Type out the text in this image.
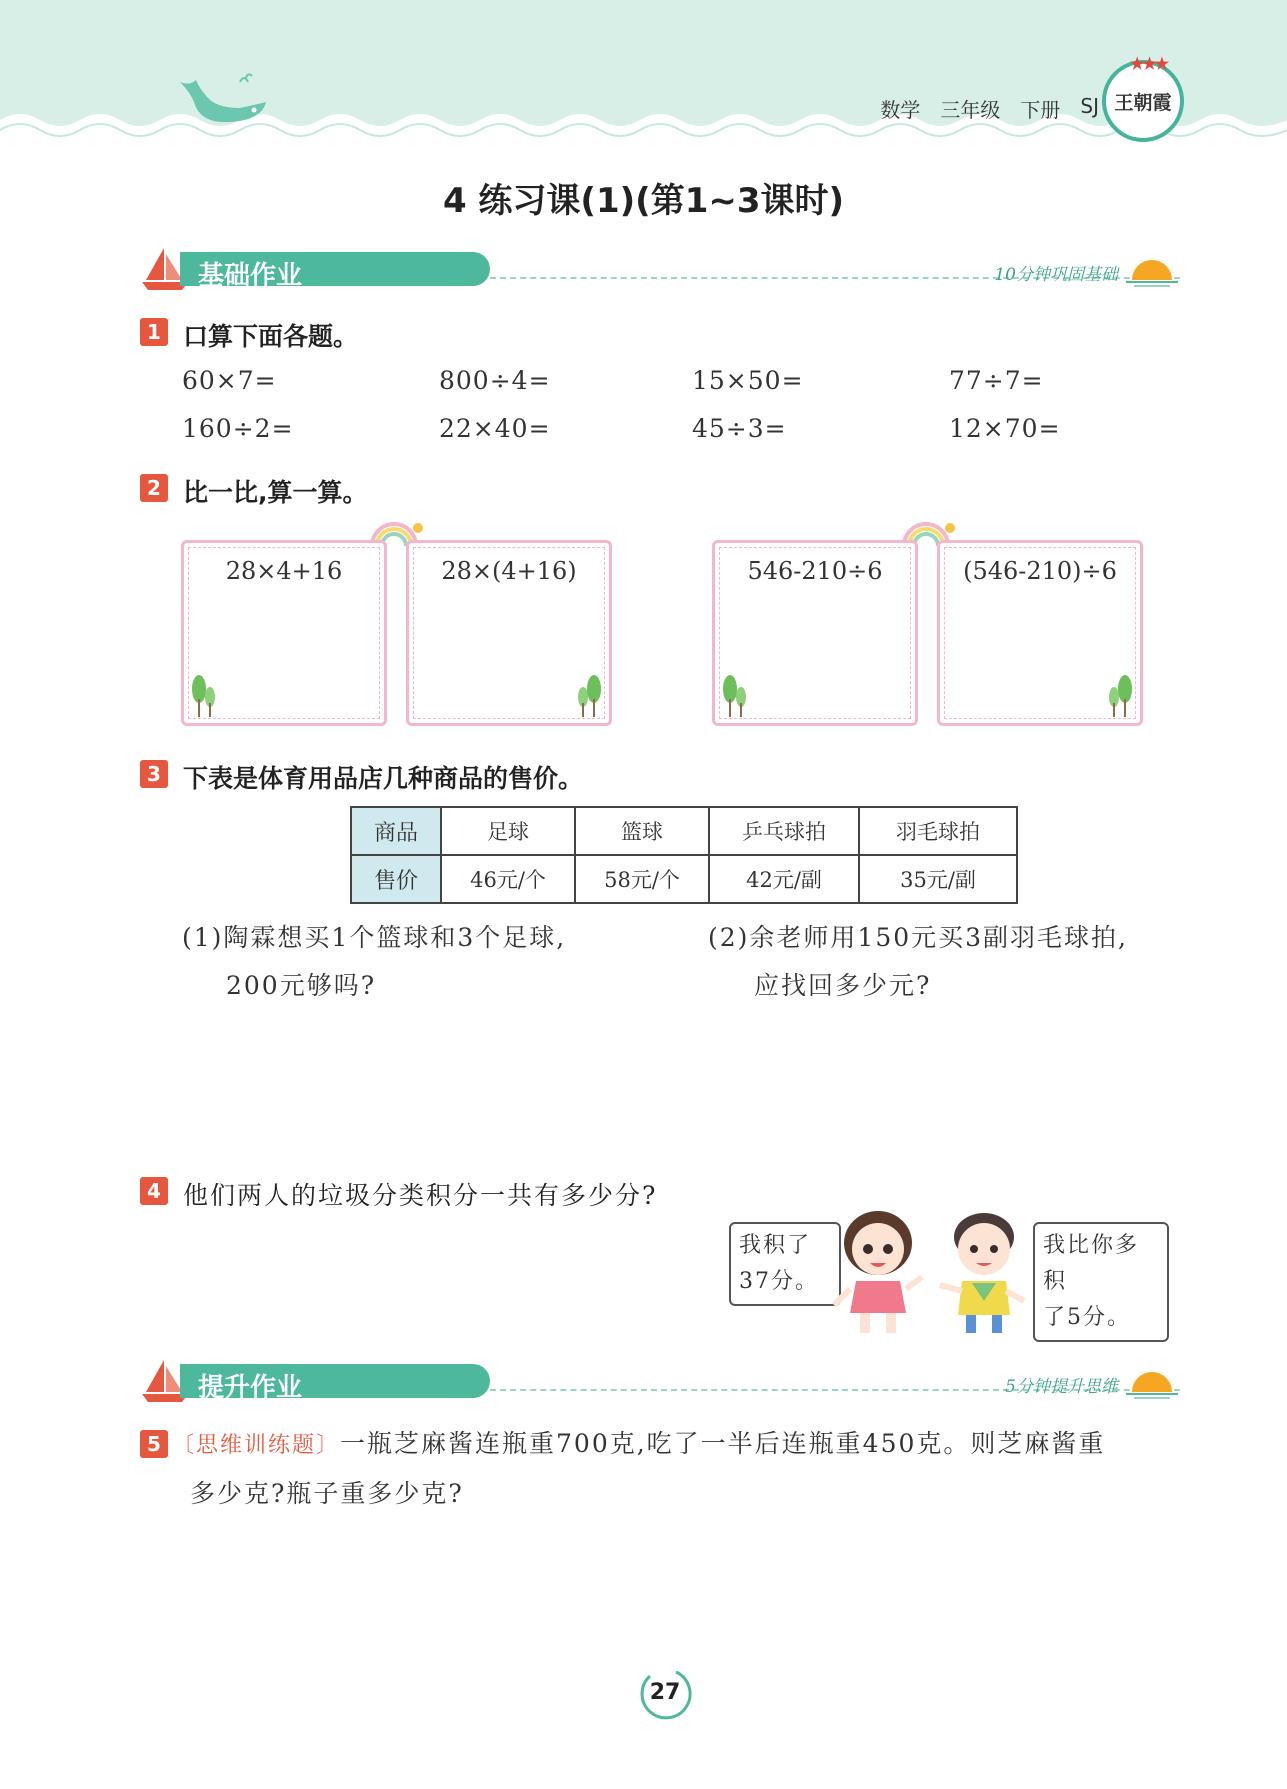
数学 三年级 下册 SJ
★★★
王朝霞
4 练习课(1)(第1~3课时)
基础作业	10分钟巩固基础
1 口算下面各题。
60×7=	800÷4=	15×50=	77÷7=
160÷2=	22×40=	45÷3=	12×70=
2 比一比,算一算。
28×4+16	28×(4+16)	546-210÷6	(546-210)÷6
3 下表是体育用品店几种商品的售价。
商品	足球	篮球	乒乓球拍	羽毛球拍
售价	46元/个	58元/个	42元/副	35元/副
(1)陶霖想买1个篮球和3个足球,
200元够吗?
(2)余老师用150元买3副羽毛球拍,
应找回多少元?
4 他们两人的垃圾分类积分一共有多少分?
我积了
37分。
我比你多积
了5分。
提升作业	5分钟提升思维
5 〔思维训练题〕一瓶芝麻酱连瓶重700克,吃了一半后连瓶重450克。则芝麻酱重
多少克?瓶子重多少克?
27
